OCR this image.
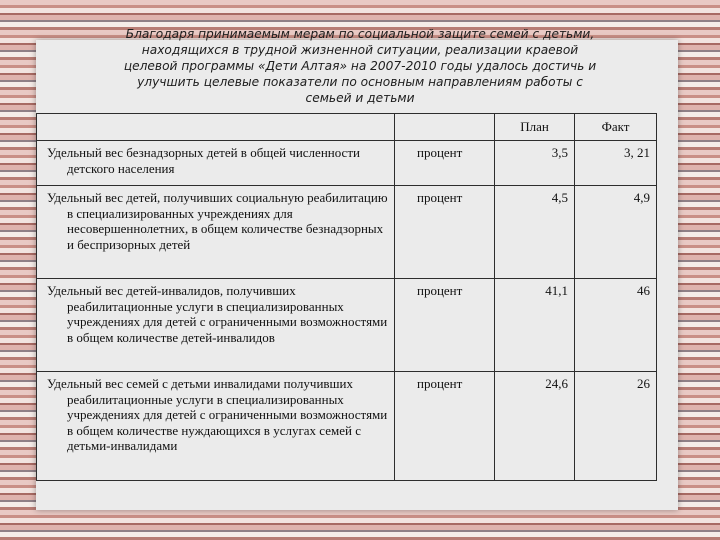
Благодаря принимаемым мерам по социальной защите семей с детьми,
находящихся в трудной жизненной ситуации, реализации краевой
целевой программы «Дети Алтая» на 2007-2010 годы удалось достичь и
улучшить целевые показатели по основным направлениям работы с
семьей и детьми
		План	Факт

Удельный вес безнадзорных детей в общей численности детского населения	процент	3,5	3, 21

Удельный вес детей, получивших социальную реабилитацию в специализированных учреждениях для несовершеннолетних, в общем количестве безнадзорных и беспризорных детей	процент	4,5	4,9

Удельный вес детей-инвалидов, получивших реабилитационные услуги в специализированных учреждениях для детей с ограниченными возможностями в общем количестве детей-инвалидов	процент	41,1	46

Удельный вес семей с детьми инвалидами получивших реабилитационные услуги в специализированных учреждениях для детей с ограниченными возможностями в общем количестве нуждающихся в услугах семей с детьми-инвалидами	процент	24,6	26
